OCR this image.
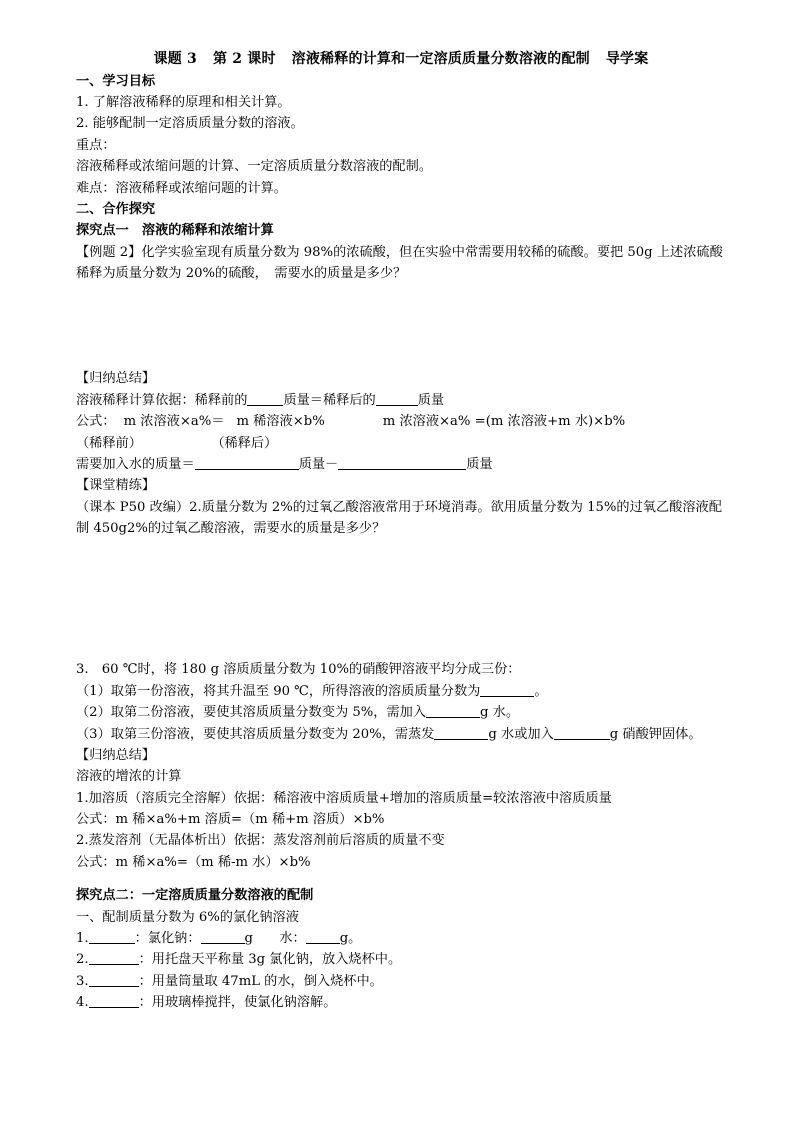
课题 3 第 2 课时 溶液稀释的计算和一定溶质质量分数溶液的配制 导学案

一、学习目标

1. 了解溶液稀释的原理和相关计算。

2. 能够配制一定溶质质量分数的溶液。

重点：

溶液稀释或浓缩问题的计算、一定溶质质量分数溶液的配制。

难点：溶液稀释或浓缩问题的计算。

二、合作探究

探究点一　溶液的稀释和浓缩计算

【例题 2】化学实验室现有质量分数为 98%的浓硫酸，但在实验中常需要用较稀的硫酸。要把 50g 上述浓硫酸稀释为质量分数为 20%的硫酸，　需要水的质量是多少？

【归纳总结】

溶液稀释计算依据：稀释前的	质量＝稀释后的	质量

公式： m 浓溶液×a%＝ m 稀溶液×b%	m 浓溶液×a% =(m 浓溶液+m 水)×b%

（稀释前）	（稀释后）

需要加入水的质量＝	质量－	质量

【课堂精练】

（课本 P50 改编）2.质量分数为 2%的过氧乙酸溶液常用于环境消毒。欲用质量分数为 15%的过氧乙酸溶液配制 450g2%的过氧乙酸溶液，需要水的质量是多少？

3.　60 ℃时，将 180 g 溶质质量分数为 10%的硝酸钾溶液平均分成三份：

（1）取第一份溶液，将其升温至 90 ℃，所得溶液的溶质质量分数为	。

（2）取第二份溶液，要使其溶质质量分数变为 5%，需加入	g 水。

（3）取第三份溶液，要使其溶质质量分数变为 20%，需蒸发	g 水或加入	g 硝酸钾固体。

【归纳总结】

溶液的增浓的计算

1.加溶质（溶质完全溶解）依据：稀溶液中溶质质量+增加的溶质质量=较浓溶液中溶质质量

公式：m 稀×a%+m 溶质=（m 稀+m 溶质）×b%

2.蒸发溶剂（无晶体析出）依据：蒸发溶剂前后溶质的质量不变

公式：m 稀×a%=（m 稀-m 水）×b%

探究点二：一定溶质质量分数溶液的配制

一、配制质量分数为 6%的氯化钠溶液

1.	：氯化钠：	g　　水：	g。

2.	：用托盘天平称量 3g 氯化钠，放入烧杯中。

3.	：用量筒量取 47mL 的水，倒入烧杯中。

4.	：用玻璃棒搅拌，使氯化钠溶解。
